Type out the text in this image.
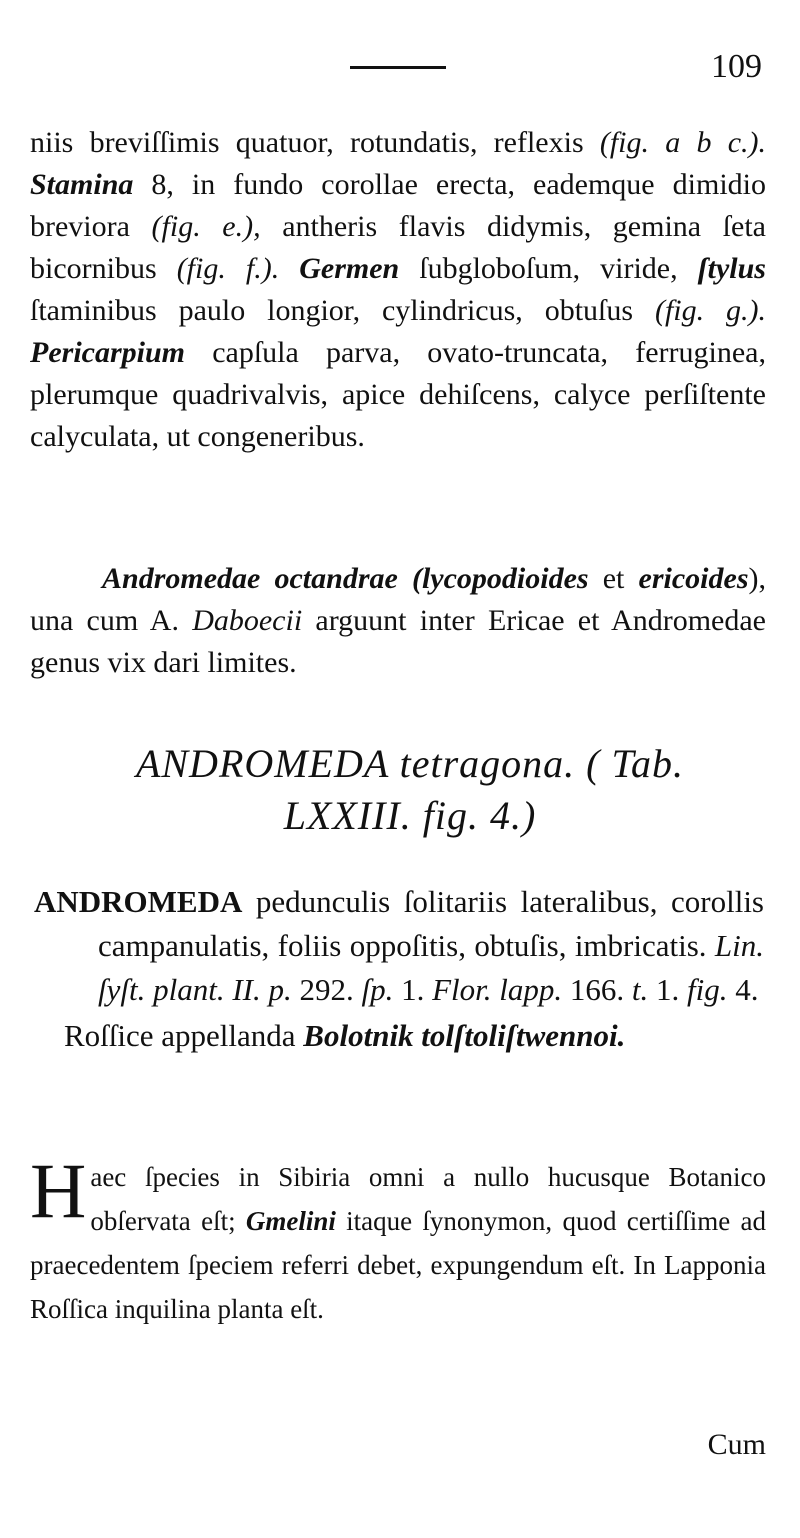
109
niis breviſſimis quatuor, rotundatis, reflexis (fig. a b c.). Stamina 8, in fundo corollae erecta, eademque dimidio breviora (fig. e.), antheris flavis didymis, gemina ſeta bicornibus (fig. f.). Germen ſubgloboſum, viride, ſtylus ſtaminibus paulo longior, cylindricus, obtuſus (fig. g.). Pericarpium capſula parva, ovato-truncata, ferruginea, plerumque quadrivalvis, apice dehiſcens, calyce perſiſtente calyculata, ut congeneribus.
Andromedae octandrae (lycopodioides et ericoides), una cum A. Daboecii arguunt inter Ericae et Andromedae genus vix dari limites.
ANDROMEDA tetragona. ( Tab.
LXXIII. fig. 4.)
ANDROMEDA pedunculis ſolitariis lateralibus, corollis campanulatis, foliis oppoſitis, obtuſis, imbricatis. Lin. ſyſt. plant. II. p. 292. ſp. 1. Flor. lapp. 166. t. 1. fig. 4.
Roſſice appellanda Bolotnik tolſtoliſtwennoi.
Haec ſpecies in Sibiria omni a nullo hucusque Botanico obſervata eſt; Gmelini itaque ſynonymon, quod certiſſime ad praecedentem ſpeciem referri debet, expungendum eſt. In Lapponia Roſſica inquilina planta eſt.
Cum
